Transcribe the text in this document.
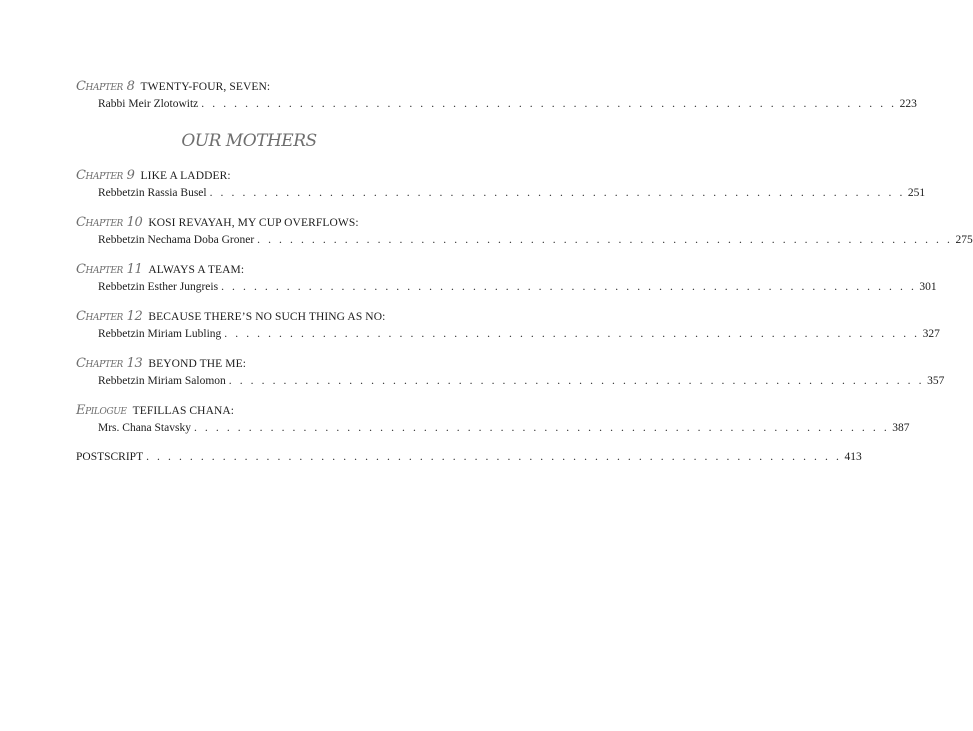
Chapter 8 TWENTY-FOUR, SEVEN:
Rabbi Meir Zlotowitz . . . . . . . . . . . . . . . . . . . . . . . . . . . . . . . . . . . . . . . . . . . . . . . . . . . . . . . . . . . . . . . . 223
OUR MOTHERS
Chapter 9 LIKE A LADDER:
Rebbetzin Rassia Busel . . . . . . . . . . . . . . . . . . . . . . . . . . . . . . . . . . . . . . . . . . . . . . . . . . . . . . . . . . . . . . . . 251
Chapter 10 KOSI REVAYAH, MY CUP OVERFLOWS:
Rebbetzin Nechama Doba Groner . . . . . . . . . . . . . . . . . . . . . . . . . . . . . . . . . . . . . . . . . . . . . . . . . . . . . . . . . . . . . . . . 275
Chapter 11 ALWAYS A TEAM:
Rebbetzin Esther Jungreis . . . . . . . . . . . . . . . . . . . . . . . . . . . . . . . . . . . . . . . . . . . . . . . . . . . . . . . . . . . . . . . . 301
Chapter 12 BECAUSE THERE’S NO SUCH THING AS NO:
Rebbetzin Miriam Lubling . . . . . . . . . . . . . . . . . . . . . . . . . . . . . . . . . . . . . . . . . . . . . . . . . . . . . . . . . . . . . . . . 327
Chapter 13 BEYOND THE ME:
Rebbetzin Miriam Salomon . . . . . . . . . . . . . . . . . . . . . . . . . . . . . . . . . . . . . . . . . . . . . . . . . . . . . . . . . . . . . . . . 357
Epilogue TEFILLAS CHANA:
Mrs. Chana Stavsky . . . . . . . . . . . . . . . . . . . . . . . . . . . . . . . . . . . . . . . . . . . . . . . . . . . . . . . . . . . . . . . . 387
POSTSCRIPT . . . . . . . . . . . . . . . . . . . . . . . . . . . . . . . . . . . . . . . . . . . . . . . . . . . . . . . . . . . . . . . . 413
